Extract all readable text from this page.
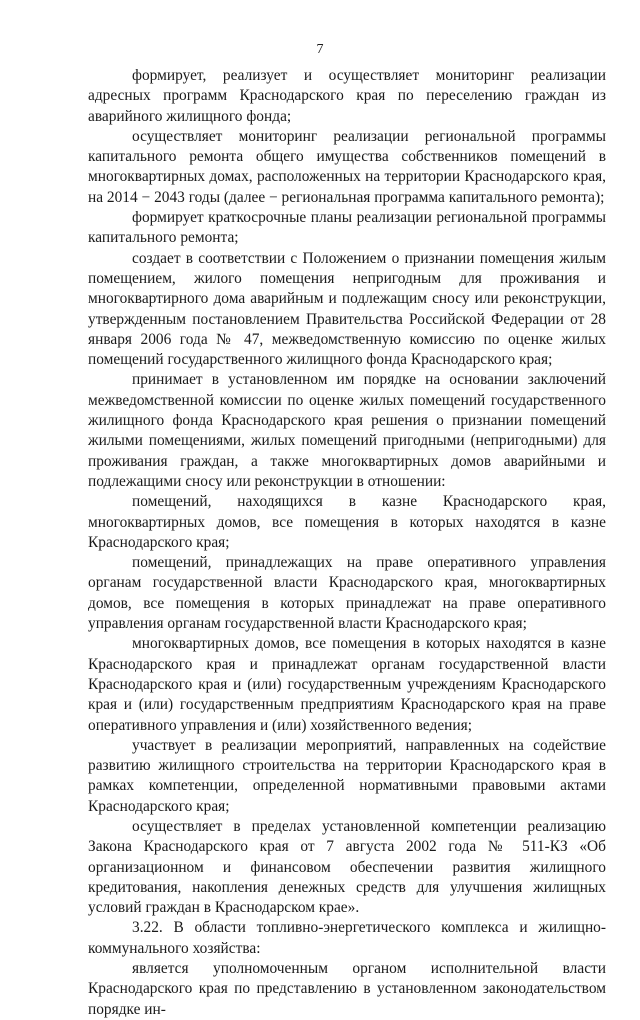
7

формирует, реализует и осуществляет мониторинг реализации адресных программ Краснодарского края по переселению граждан из аварийного жилищного фонда;

осуществляет мониторинг реализации региональной программы капитального ремонта общего имущества собственников помещений в многоквартирных домах, расположенных на территории Краснодарского края, на 2014 − 2043 годы (далее − региональная программа капитального ремонта);

формирует краткосрочные планы реализации региональной программы капитального ремонта;

создает в соответствии с Положением о признании помещения жилым помещением, жилого помещения непригодным для проживания и многоквартирного дома аварийным и подлежащим сносу или реконструкции, утвержденным постановлением Правительства Российской Федерации от 28 января 2006 года № 47, межведомственную комиссию по оценке жилых помещений государственного жилищного фонда Краснодарского края;

принимает в установленном им порядке на основании заключений межведомственной комиссии по оценке жилых помещений государственного жилищного фонда Краснодарского края решения о признании помещений жилыми помещениями, жилых помещений пригодными (непригодными) для проживания граждан, а также многоквартирных домов аварийными и подлежащими сносу или реконструкции в отношении:

помещений, находящихся в казне Краснодарского края, многоквартирных домов, все помещения в которых находятся в казне Краснодарского края;

помещений, принадлежащих на праве оперативного управления органам государственной власти Краснодарского края, многоквартирных домов, все помещения в которых принадлежат на праве оперативного управления органам государственной власти Краснодарского края;

многоквартирных домов, все помещения в которых находятся в казне Краснодарского края и принадлежат органам государственной власти Краснодарского края и (или) государственным учреждениям Краснодарского края и (или) государственным предприятиям Краснодарского края на праве оперативного управления и (или) хозяйственного ведения;

участвует в реализации мероприятий, направленных на содействие развитию жилищного строительства на территории Краснодарского края в рамках компетенции, определенной нормативными правовыми актами Краснодарского края;

осуществляет в пределах установленной компетенции реализацию Закона Краснодарского края от 7 августа 2002 года № 511-КЗ «Об организационном и финансовом обеспечении развития жилищного кредитования, накопления денежных средств для улучшения жилищных условий граждан в Краснодарском крае».

3.22. В области топливно-энергетического комплекса и жилищно-коммунального хозяйства:

является уполномоченным органом исполнительной власти Краснодарского края по представлению в установленном законодательством порядке ин-
